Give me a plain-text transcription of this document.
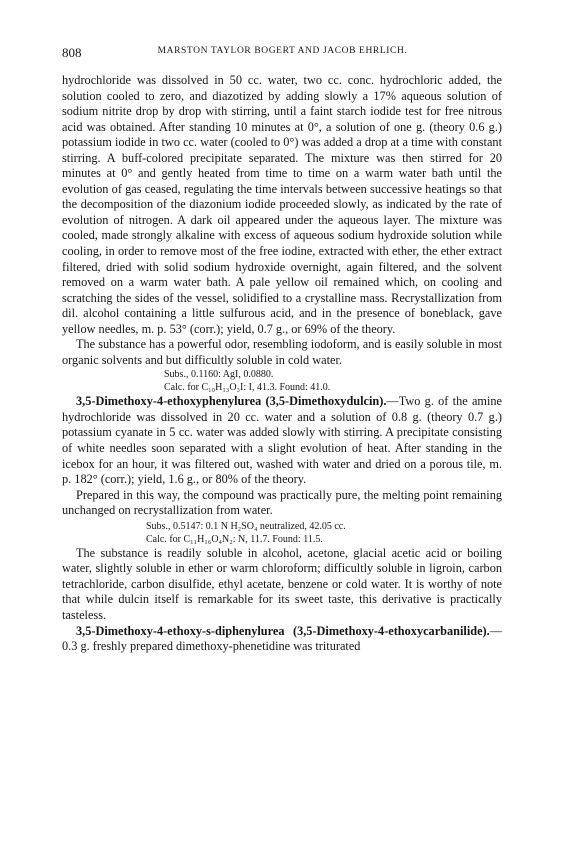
808	MARSTON TAYLOR BOGERT AND JACOB EHRLICH.

hydrochloride was dissolved in 50 cc. water, two cc. conc. hydrochloric added, the solution cooled to zero, and diazotized by adding slowly a 17% aqueous solution of sodium nitrite drop by drop with stirring, until a faint starch iodide test for free nitrous acid was obtained. After standing 10 minutes at 0°, a solution of one g. (theory 0.6 g.) potassium iodide in two cc. water (cooled to 0°) was added a drop at a time with constant stirring. A buff-colored precipitate separated. The mixture was then stirred for 20 minutes at 0° and gently heated from time to time on a warm water bath until the evolution of gas ceased, regulating the time intervals between successive heatings so that the decomposition of the diazonium iodide proceeded slowly, as indicated by the rate of evolution of nitrogen. A dark oil appeared under the aqueous layer. The mixture was cooled, made strongly alkaline with excess of aqueous sodium hydroxide solution while cooling, in order to remove most of the free iodine, extracted with ether, the ether extract filtered, dried with solid sodium hydroxide overnight, again filtered, and the solvent removed on a warm water bath. A pale yellow oil remained which, on cooling and scratching the sides of the vessel, solidified to a crystalline mass. Recrystallization from dil. alcohol containing a little sulfurous acid, and in the presence of boneblack, gave yellow needles, m. p. 53° (corr.); yield, 0.7 g., or 69% of the theory.

The substance has a powerful odor, resembling iodoform, and is easily soluble in most organic solvents and but difficultly soluble in cold water.

Subs., 0.1160: AgI, 0.0880.
Calc. for C₁₀H₁₃O₃I: I, 41.3. Found: 41.0.

3,5-Dimethoxy-4-ethoxyphenylurea (3,5-Dimethoxydulcin).—Two g. of the amine hydrochloride was dissolved in 20 cc. water and a solution of 0.8 g. (theory 0.7 g.) potassium cyanate in 5 cc. water was added slowly with stirring. A precipitate consisting of white needles soon separated with a slight evolution of heat. After standing in the icebox for an hour, it was filtered out, washed with water and dried on a porous tile, m. p. 182° (corr.); yield, 1.6 g., or 80% of the theory.

Prepared in this way, the compound was practically pure, the melting point remaining unchanged on recrystallization from water.

Subs., 0.5147: 0.1 N H₂SO₄ neutralized, 42.05 cc.
Calc. for C₁₁H₁₆O₄N₂: N, 11.7. Found: 11.5.

The substance is readily soluble in alcohol, acetone, glacial acetic acid or boiling water, slightly soluble in ether or warm chloroform; difficultly soluble in ligroin, carbon tetrachloride, carbon disulfide, ethyl acetate, benzene or cold water. It is worthy of note that while dulcin itself is remarkable for its sweet taste, this derivative is practically tasteless.

3,5-Dimethoxy-4-ethoxy-s-diphenylurea (3,5-Dimethoxy-4-ethoxycarbanilide).—0.3 g. freshly prepared dimethoxy-phenetidine was triturated
